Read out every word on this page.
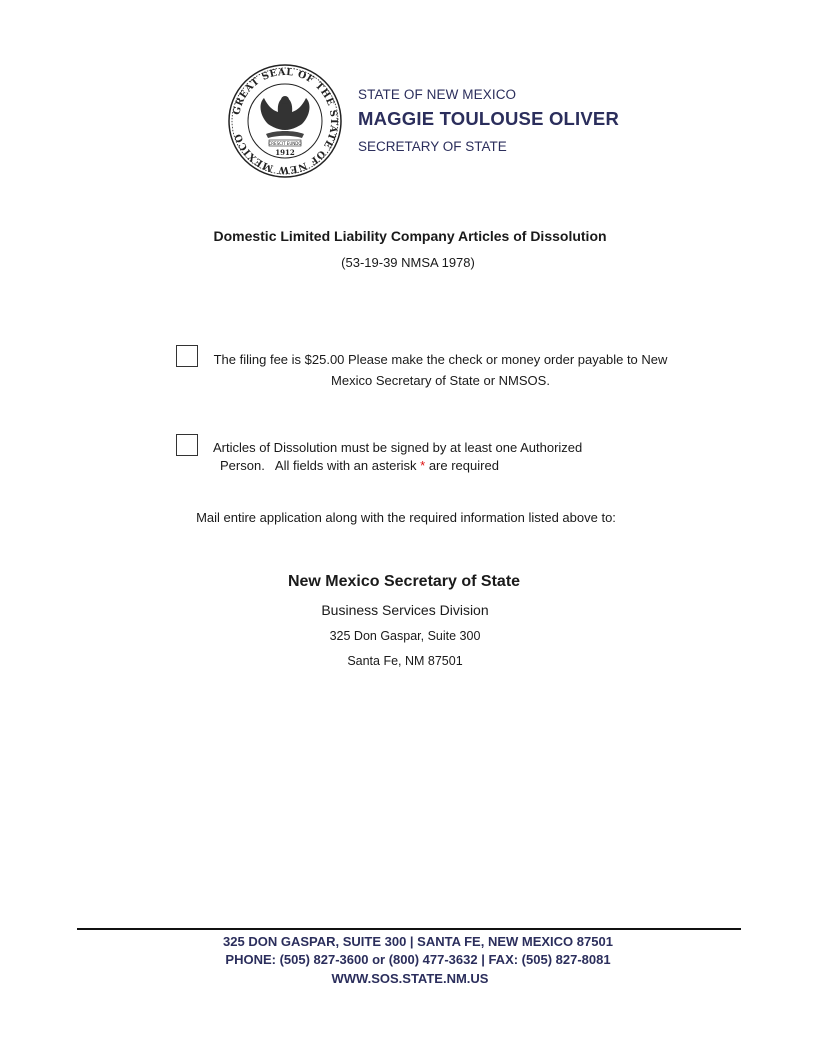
GREAT SEAL OF THE STATE OF NEW MEXICO	CRESCIT EUNDO
1912
STATE OF NEW MEXICO
MAGGIE TOULOUSE OLIVER
SECRETARY OF STATE
Domestic Limited Liability Company Articles of Dissolution
(53-19-39 NMSA 1978)
The filing fee is $25.00 Please make the check or money order payable to New Mexico Secretary of State or NMSOS.
Articles of Dissolution must be signed by at least one Authorized
Person.   All fields with an asterisk * are required
Mail entire application along with the required information listed above to:
New Mexico Secretary of State
Business Services Division
325 Don Gaspar, Suite 300
Santa Fe, NM 87501
325 DON GASPAR, SUITE 300 | SANTA FE, NEW MEXICO 87501
PHONE: (505) 827-3600 or (800) 477-3632 | FAX: (505) 827-8081
WWW.SOS.STATE.NM.US
